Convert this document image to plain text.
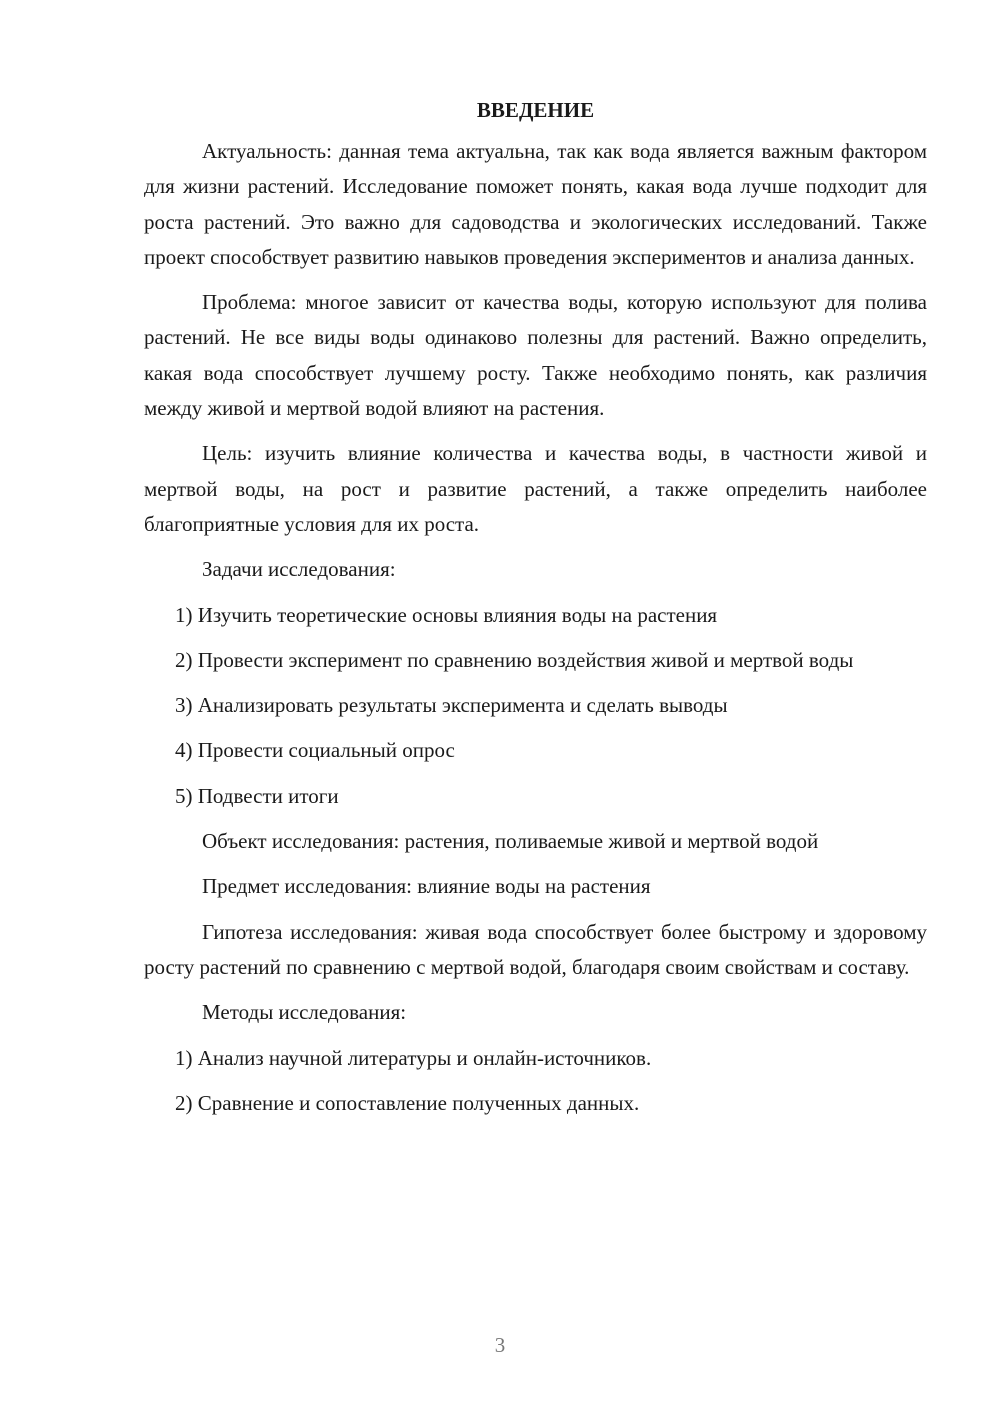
ВВЕДЕНИЕ

Актуальность: данная тема актуальна, так как вода является важным фактором для жизни растений. Исследование поможет понять, какая вода лучше подходит для роста растений. Это важно для садоводства и экологических исследований. Также проект способствует развитию навыков проведения экспериментов и анализа данных.

Проблема: многое зависит от качества воды, которую используют для полива растений. Не все виды воды одинаково полезны для растений. Важно определить, какая вода способствует лучшему росту. Также необходимо понять, как различия между живой и мертвой водой влияют на растения.

Цель: изучить влияние количества и качества воды, в частности живой и мертвой воды, на рост и развитие растений, а также определить наиболее благоприятные условия для их роста.

Задачи исследования:

1) Изучить теоретические основы влияния воды на растения

2) Провести эксперимент по сравнению воздействия живой и мертвой воды

3) Анализировать результаты эксперимента и сделать выводы

4) Провести социальный опрос

5) Подвести итоги

Объект исследования: растения, поливаемые живой и мертвой водой

Предмет исследования: влияние воды на растения

Гипотеза исследования: живая вода способствует более быстрому и здоровому росту растений по сравнению с мертвой водой, благодаря своим свойствам и составу.

Методы исследования:

1) Анализ научной литературы и онлайн-источников.

2) Сравнение и сопоставление полученных данных.

3
